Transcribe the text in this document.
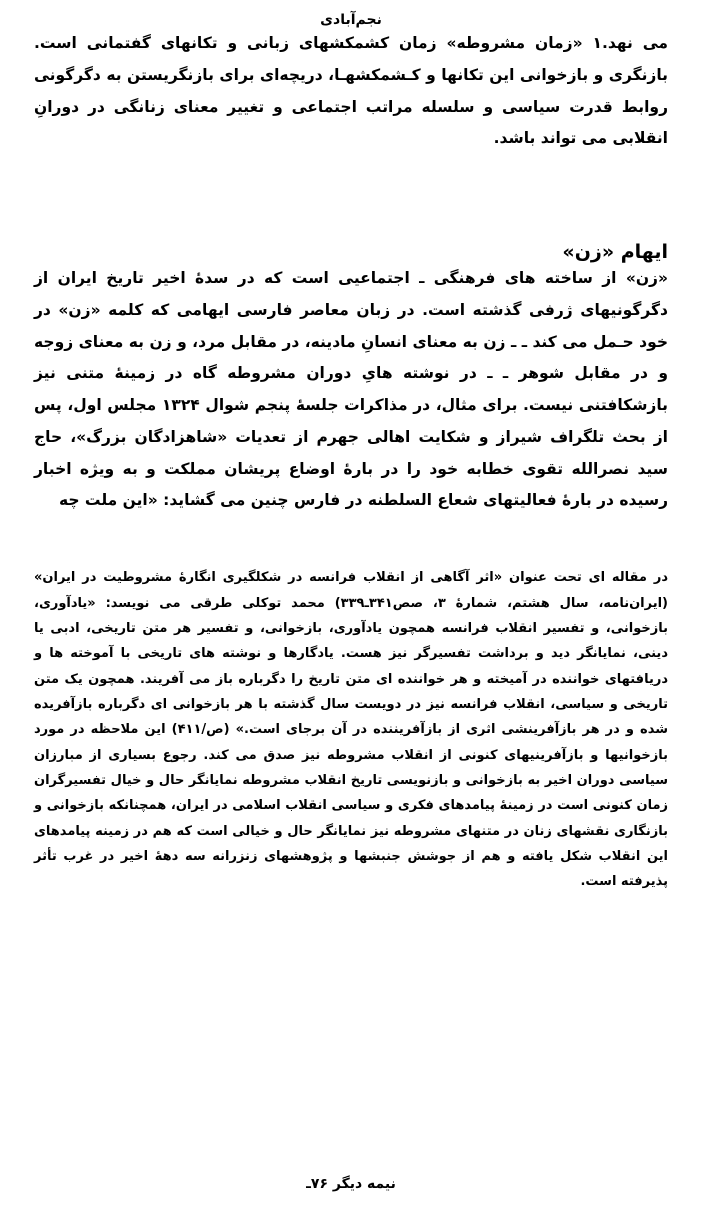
نجم‌آبادی

می نهد.۱ «زمان مشروطه» زمان کشمکشهای زبانی و تکانهای گفتمانی است. بازنگری و بازخوانی این تکانها و کـشمکشهـا، دریچه‌ای برای بازنگریستن به دگرگونی روابط قدرت سیاسی و سلسله مراتب اجتماعی و تغییر معنای زنانگی در دورانِ انقلابی می تواند باشد.

ایهام «زن»

«زن» از ساخته های فرهنگی ـ اجتماعیی است که در سدهٔ اخیر تاریخ ایران از دگرگونیهای ژرفی گذشته است. در زبان معاصر فارسی ایهامی که کلمه «زن» در خود حـمل می کند ـ ـ زن به معنای انسانِ مادینه، در مقابل مرد، و زن به معنای زوجه و در مقابل شوهر ـ ـ در نوشته هایِ دوران مشروطه گاه در زمینهٔ متنی نیز بازشکافتنی نیست. برای مثال، در مذاکرات جلسهٔ پنجم شوال ۱۳۲۴ مجلس اول، پس از بحث تلگراف شیراز و شکایت اهالی جهرم از تعدیات «شاهزادگان بزرگ»، حاج سید نصرالله تقوی خطابه خود را در بارهٔ اوضاع پریشان مملکت و به ویژه اخبار رسیده در بارهٔ فعالیتهای شعاع السلطنه در فارس چنین می گشاید: «این ملت چه

در مقاله ای تحت عنوان «اثر آگاهی از انقلاب فرانسه در شکلگیری انگارهٔ مشروطیت در ایران» (ایران‌نامه، سال هشتم، شمارهٔ ۳، صص۳۴۱ـ۳۳۹) محمد توکلی طرقی می نویسد: «یادآوری، بازخوانی، و تفسیر انقلاب فرانسه همچون یادآوری، بازخوانی، و تفسیر هر متن تاریخی، ادبی یا دینی، نمایانگر دید و برداشت تفسیرگر نیز هست. یادگارها و نوشته های تاریخی با آموخته ها و دریافتهای خواننده در آمیخته و هر خواننده ای متن تاریخ را دگرباره باز می آفریند. همچون یک متن تاریخی و سیاسی، انقلاب فرانسه نیز در دویست سال گذشته با هر بازخوانی ای دگرباره بازآفریده شده و در هر بازآفرینشی اثری از بازآفریننده در آن برجای است.» (ص/۴۱۱) این ملاحظه در مورد بازخوانیها و بازآفرینیهای کنونی از انقلاب مشروطه نیز صدق می کند. رجوع بسیاری از مبارزان سیاسی دوران اخیر به بازخوانی و بازنویسی تاریخ انقلاب مشروطه نمایانگر حال و خیال تفسیرگران زمان کنونی است در زمینهٔ پیامدهای فکری و سیاسی انقلاب اسلامی در ایران، همچنانکه بازخوانی و بازنگاری نقشهای زنان در متنهای مشروطه نیز نمایانگر حال و خیالی است که هم در زمینه پیامدهای این انقلاب شکل یافته و هم از جوشش جنبشها و پژوهشهای زنزرانه سه دههٔ اخیر در غرب تأثر پذیرفته است.

نیمه دیگر ۷۶ـ
